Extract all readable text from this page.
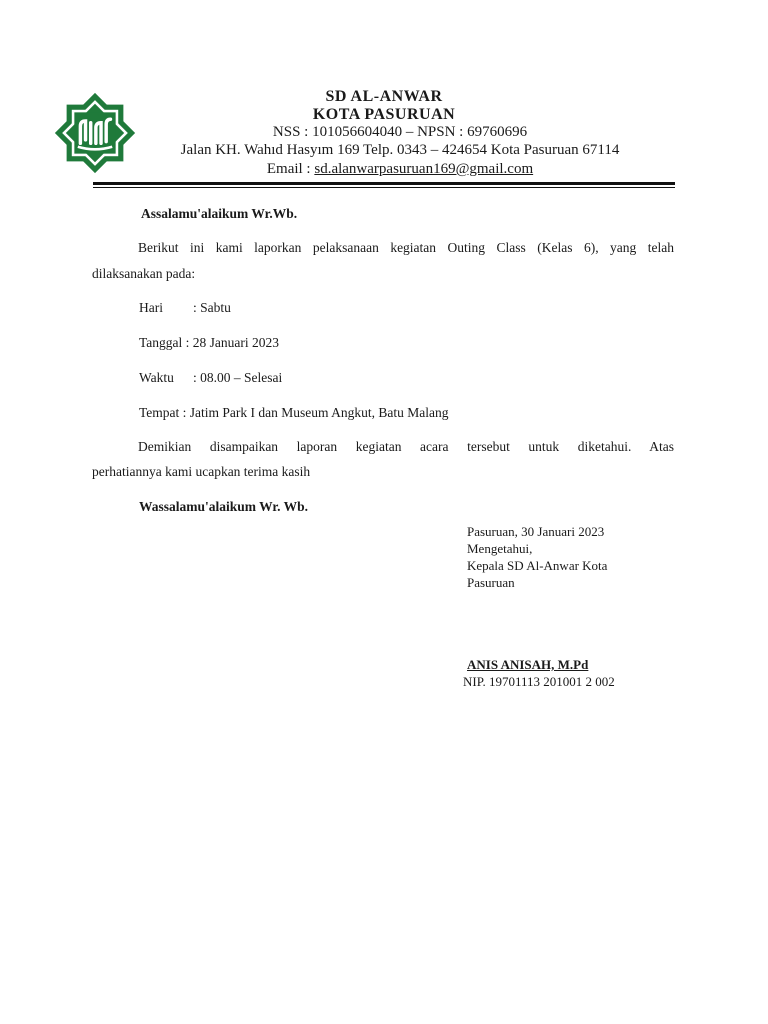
SD AL-ANWAR
KOTA PASURUAN
NSS : 101056604040 – NPSN : 69760696
Jalan KH. Wahıd Hasyım 169 Telp. 0343 – 424654 Kota Pasuruan 67114
Email : sd.alanwarpasuruan169@gmail.com
Assalamu'alaikum Wr.Wb.
Berikut ini kami laporkan pelaksanaan kegiatan Outing Class (Kelas 6), yang telah
dilaksanakan pada:
Hari : Sabtu
Tanggal : 28 Januari 2023
Waktu : 08.00 – Selesai
Tempat : Jatim Park I dan Museum Angkut, Batu Malang
Demikian disampaikan laporan kegiatan acara tersebut untuk diketahui. Atas
perhatiannya kami ucapkan terima kasih
Wassalamu'alaikum Wr. Wb.
Pasuruan, 30 Januari 2023
Mengetahui,
Kepala SD Al-Anwar Kota
Pasuruan
ANIS ANISAH, M.Pd
NIP. 19701113 201001 2 002
